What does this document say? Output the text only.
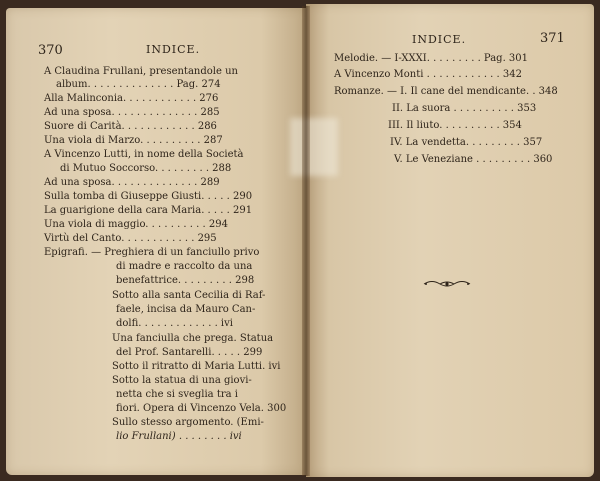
370	INDICE.
A Claudina Frullani, presentandole un
album. . . . . . . . . . . . . . Pag. 274
Alla Malinconia. . . . . . . . . . . . 276
Ad una sposa. . . . . . . . . . . . . . 285
Suore di Carità. . . . . . . . . . . . 286
Una viola di Marzo. . . . . . . . . . 287
A Vincenzo Lutti, in nome della Società
di Mutuo Soccorso. . . . . . . . . 288
Ad una sposa. . . . . . . . . . . . . . 289
Sulla tomba di Giuseppe Giusti. . . . . 290
La guarigione della cara Maria. . . . . 291
Una viola di maggio. . . . . . . . . . 294
Virtù del Canto. . . . . . . . . . . . 295
Epigrafi. — Preghiera di un fanciullo privo
di madre e raccolto da una
benefattrice. . . . . . . . . 298
Sotto alla santa Cecilia di Raf-
faele, incisa da Mauro Can-
dolfi. . . . . . . . . . . . . ivi
Una fanciulla che prega. Statua
del Prof. Santarelli. . . . . 299
Sotto il ritratto di Maria Lutti. ivi
Sotto la statua di una giovi-
netta che si sveglia tra i
fiori. Opera di Vincenzo Vela. 300
Sullo stesso argomento. (Emi-
lio Frullani) . . . . . . . . ivi
INDICE.	371
Melodie. — I-XXXI. . . . . . . . . Pag. 301
A Vincenzo Monti . . . . . . . . . . . . 342
Romanze. — I. Il cane del mendicante. . 348
II. La suora . . . . . . . . . . 353
III. Il liuto. . . . . . . . . . 354
IV. La vendetta. . . . . . . . . 357
V. Le Veneziane . . . . . . . . . 360
